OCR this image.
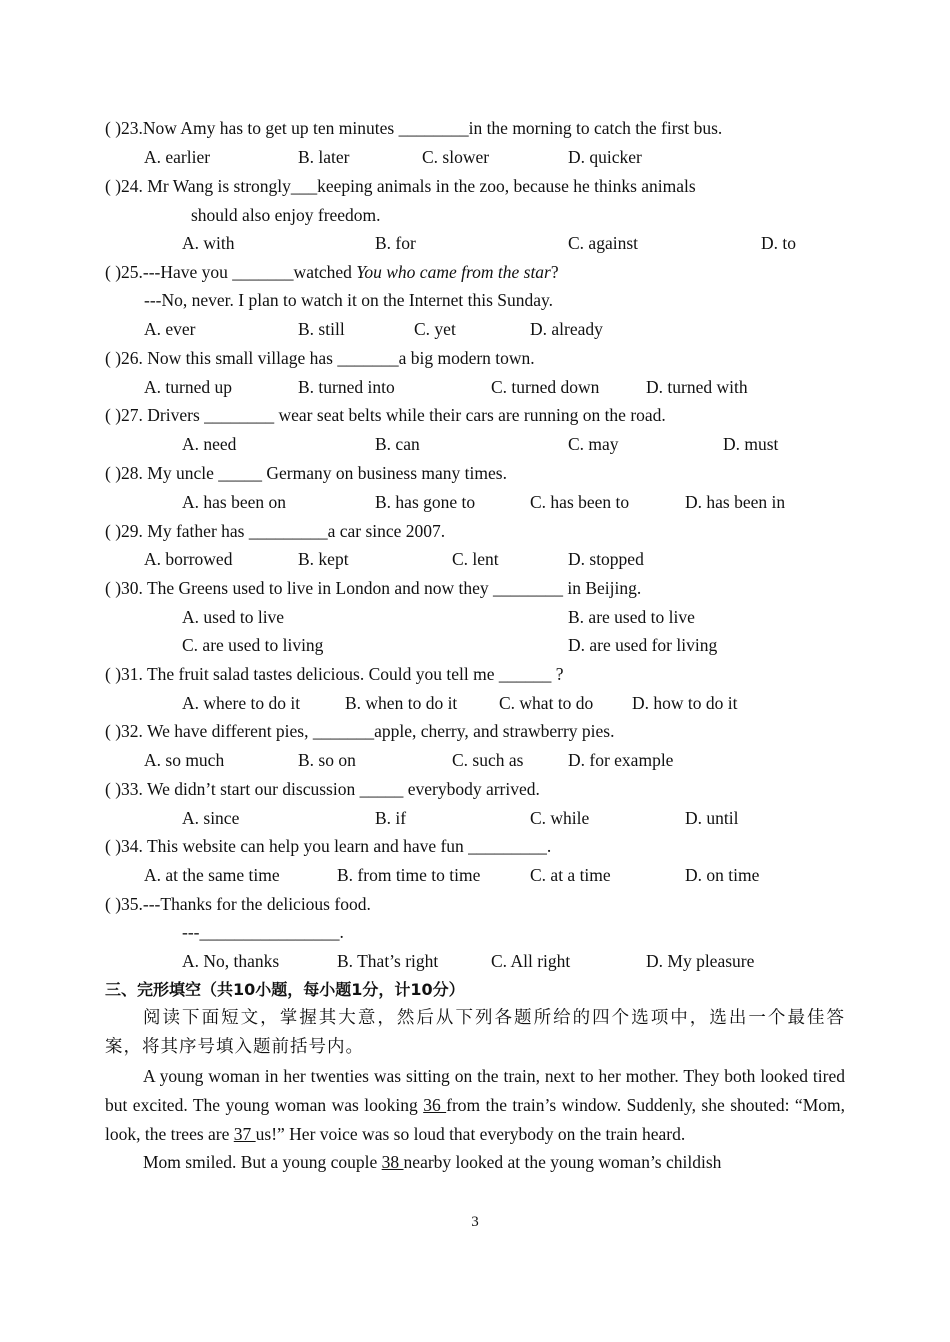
( )23.Now Amy has to get up ten minutes ________in the morning to catch the first bus.
A. earlier	B. later	C. slower	D. quicker
( )24. Mr Wang is strongly___keeping animals in the zoo, because he thinks animals
should also enjoy freedom.
A. with	B. for	C. against	D. to
( )25.---Have you _______watched You who came from the star?
---No, never. I plan to watch it on the Internet this Sunday.
A. ever	B. still	C. yet	D. already
( )26. Now this small village has _______a big modern town.
A. turned up	B. turned into	C. turned down	D. turned with
( )27. Drivers ________ wear seat belts while their cars are running on the road.
A. need	B. can	C. may	D. must
( )28. My uncle _____ Germany on business many times.
A. has been on	B. has gone to	C. has been to	D. has been in
( )29. My father has _________a car since 2007.
A. borrowed	B. kept	C. lent	D. stopped
( )30. The Greens used to live in London and now they ________ in Beijing.
A. used to live	B. are used to live
C. are used to living	D. are used for living
( )31. The fruit salad tastes delicious. Could you tell me ______ ?
A. where to do it	B. when to do it C. what to do D. how to do it
( )32. We have different pies, _______apple, cherry, and strawberry pies.
A. so much	B. so on	C. such as	D. for example
( )33. We didn’t start our discussion _____ everybody arrived.
A. since	B. if	C. while	D. until
( )34. This website can help you learn and have fun _________.
A. at the same time	B. from time to time	C. at a time	D. on time
( )35.---Thanks for the delicious food.
---________________.
A. No, thanks	B. That’s right	C. All right	D. My pleasure
三、完形填空（共10小题，每小题1分，计10分）

阅读下面短文，掌握其大意，然后从下列各题所给的四个选项中，选出一个最佳答案，将其序号填入题前括号内。

A young woman in her twenties was sitting on the train, next to her mother. They both looked tired but excited. The young woman was looking 36 from the train’s window. Suddenly, she shouted: “Mom, look, the trees are 37 us!” Her voice was so loud that everybody on the train heard.

Mom smiled. But a young couple 38 nearby looked at the young woman’s childish

3
